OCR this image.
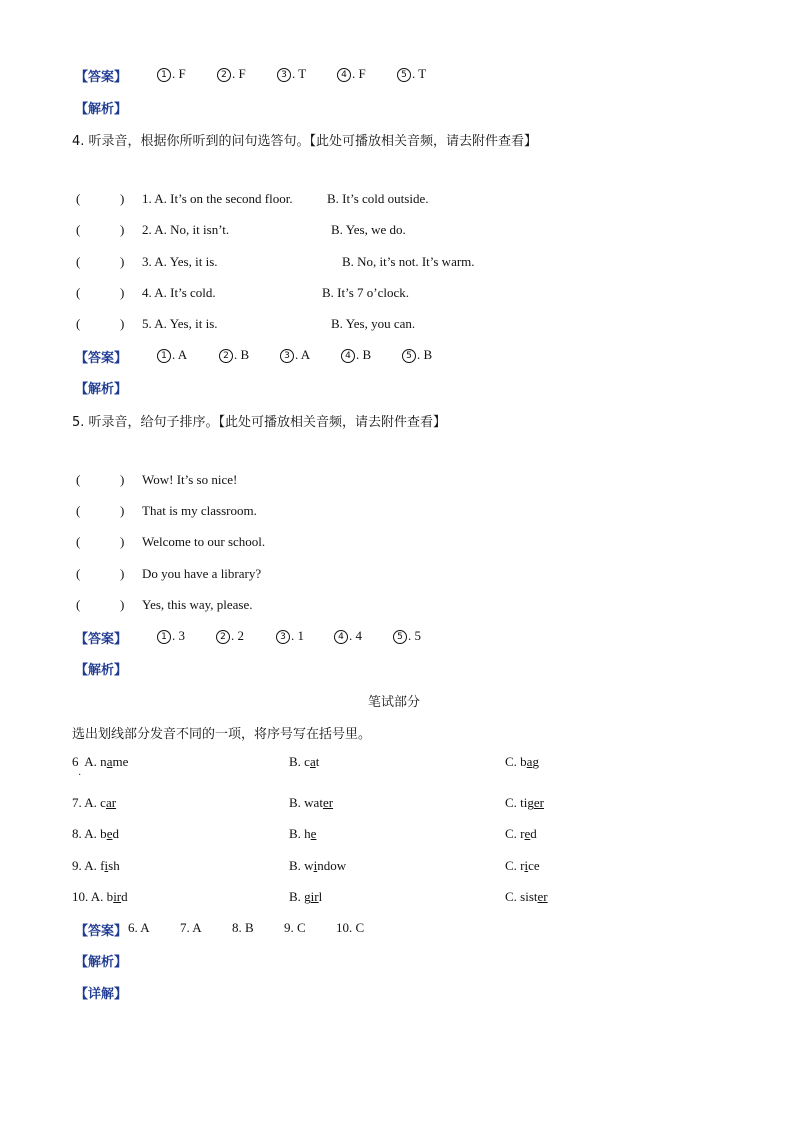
【答案】	1 . F	2 . F	3 . T	4 . F	5 . T
【解析】
4. 听录音，根据你所听到的问句选答句。【此处可播放相关音频，请去附件查看】
(	) 1. A. It’s on the second floor.	B. It’s cold outside.
(	) 2. A. No, it isn’t.	B. Yes, we do.
(	) 3. A. Yes, it is.	B. No, it’s not. It’s warm.
(	) 4. A. It’s cold.	B. It’s 7 o’clock.
(	) 5. A. Yes, it is.	B. Yes, you can.
【答案】	1 . A	2 . B	3 . A	4 . B	5 . B
【解析】
5. 听录音，给句子排序。【此处可播放相关音频，请去附件查看】
(	) Wow! It’s so nice!
(	) That is my classroom.
(	) Welcome to our school.
(	) Do you have a library?
(	) Yes, this way, please.
【答案】	1 . 3	2 . 2	3 . 1	4 . 4	5 . 5
【解析】
笔试部分
选出划线部分发音不同的一项，将序号写在括号里。
6 A. name	B. cat	C. bag
·
7. A. car	B. water	C. tiger
8. A. bed	B. he	C. red
9. A. fish	B. window	C. rice
10. A. bird	B. girl	C. sister
【答案】 6. A 7. A 8. B 9. C 10. C
【解析】
【详解】
